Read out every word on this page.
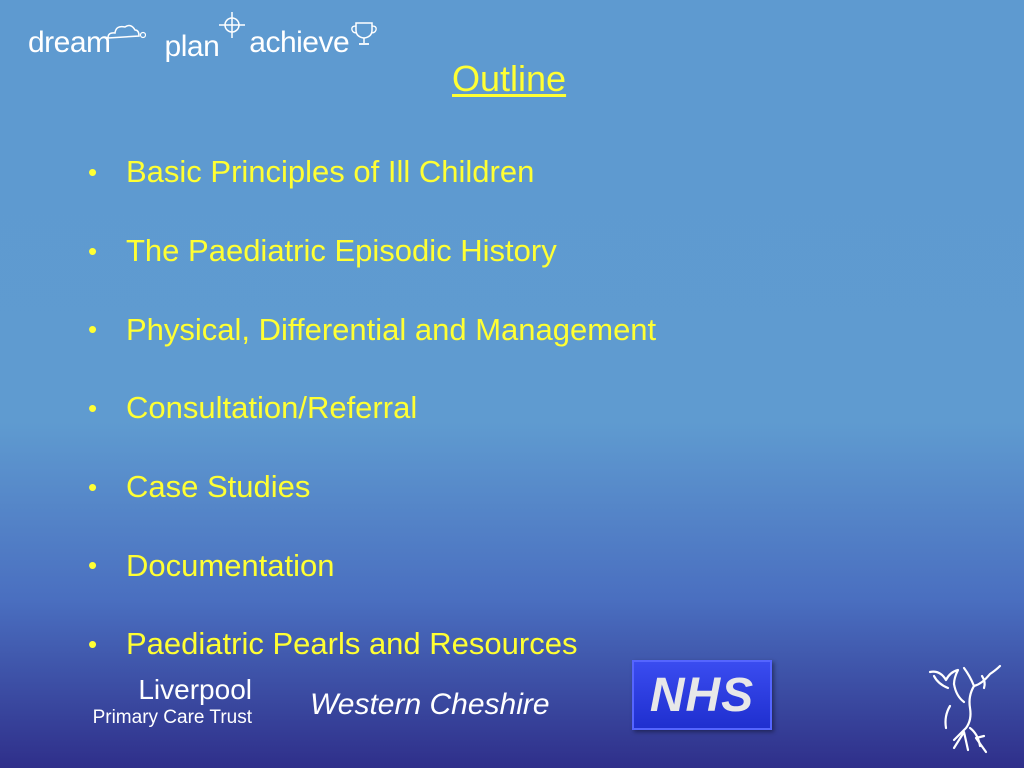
dream plan achieve
Outline
• Basic Principles of Ill Children
• The Paediatric Episodic History
• Physical, Differential and Management
• Consultation/Referral
• Case Studies
• Documentation
• Paediatric Pearls and Resources
Liverpool
Primary Care Trust Western Cheshire NHS
